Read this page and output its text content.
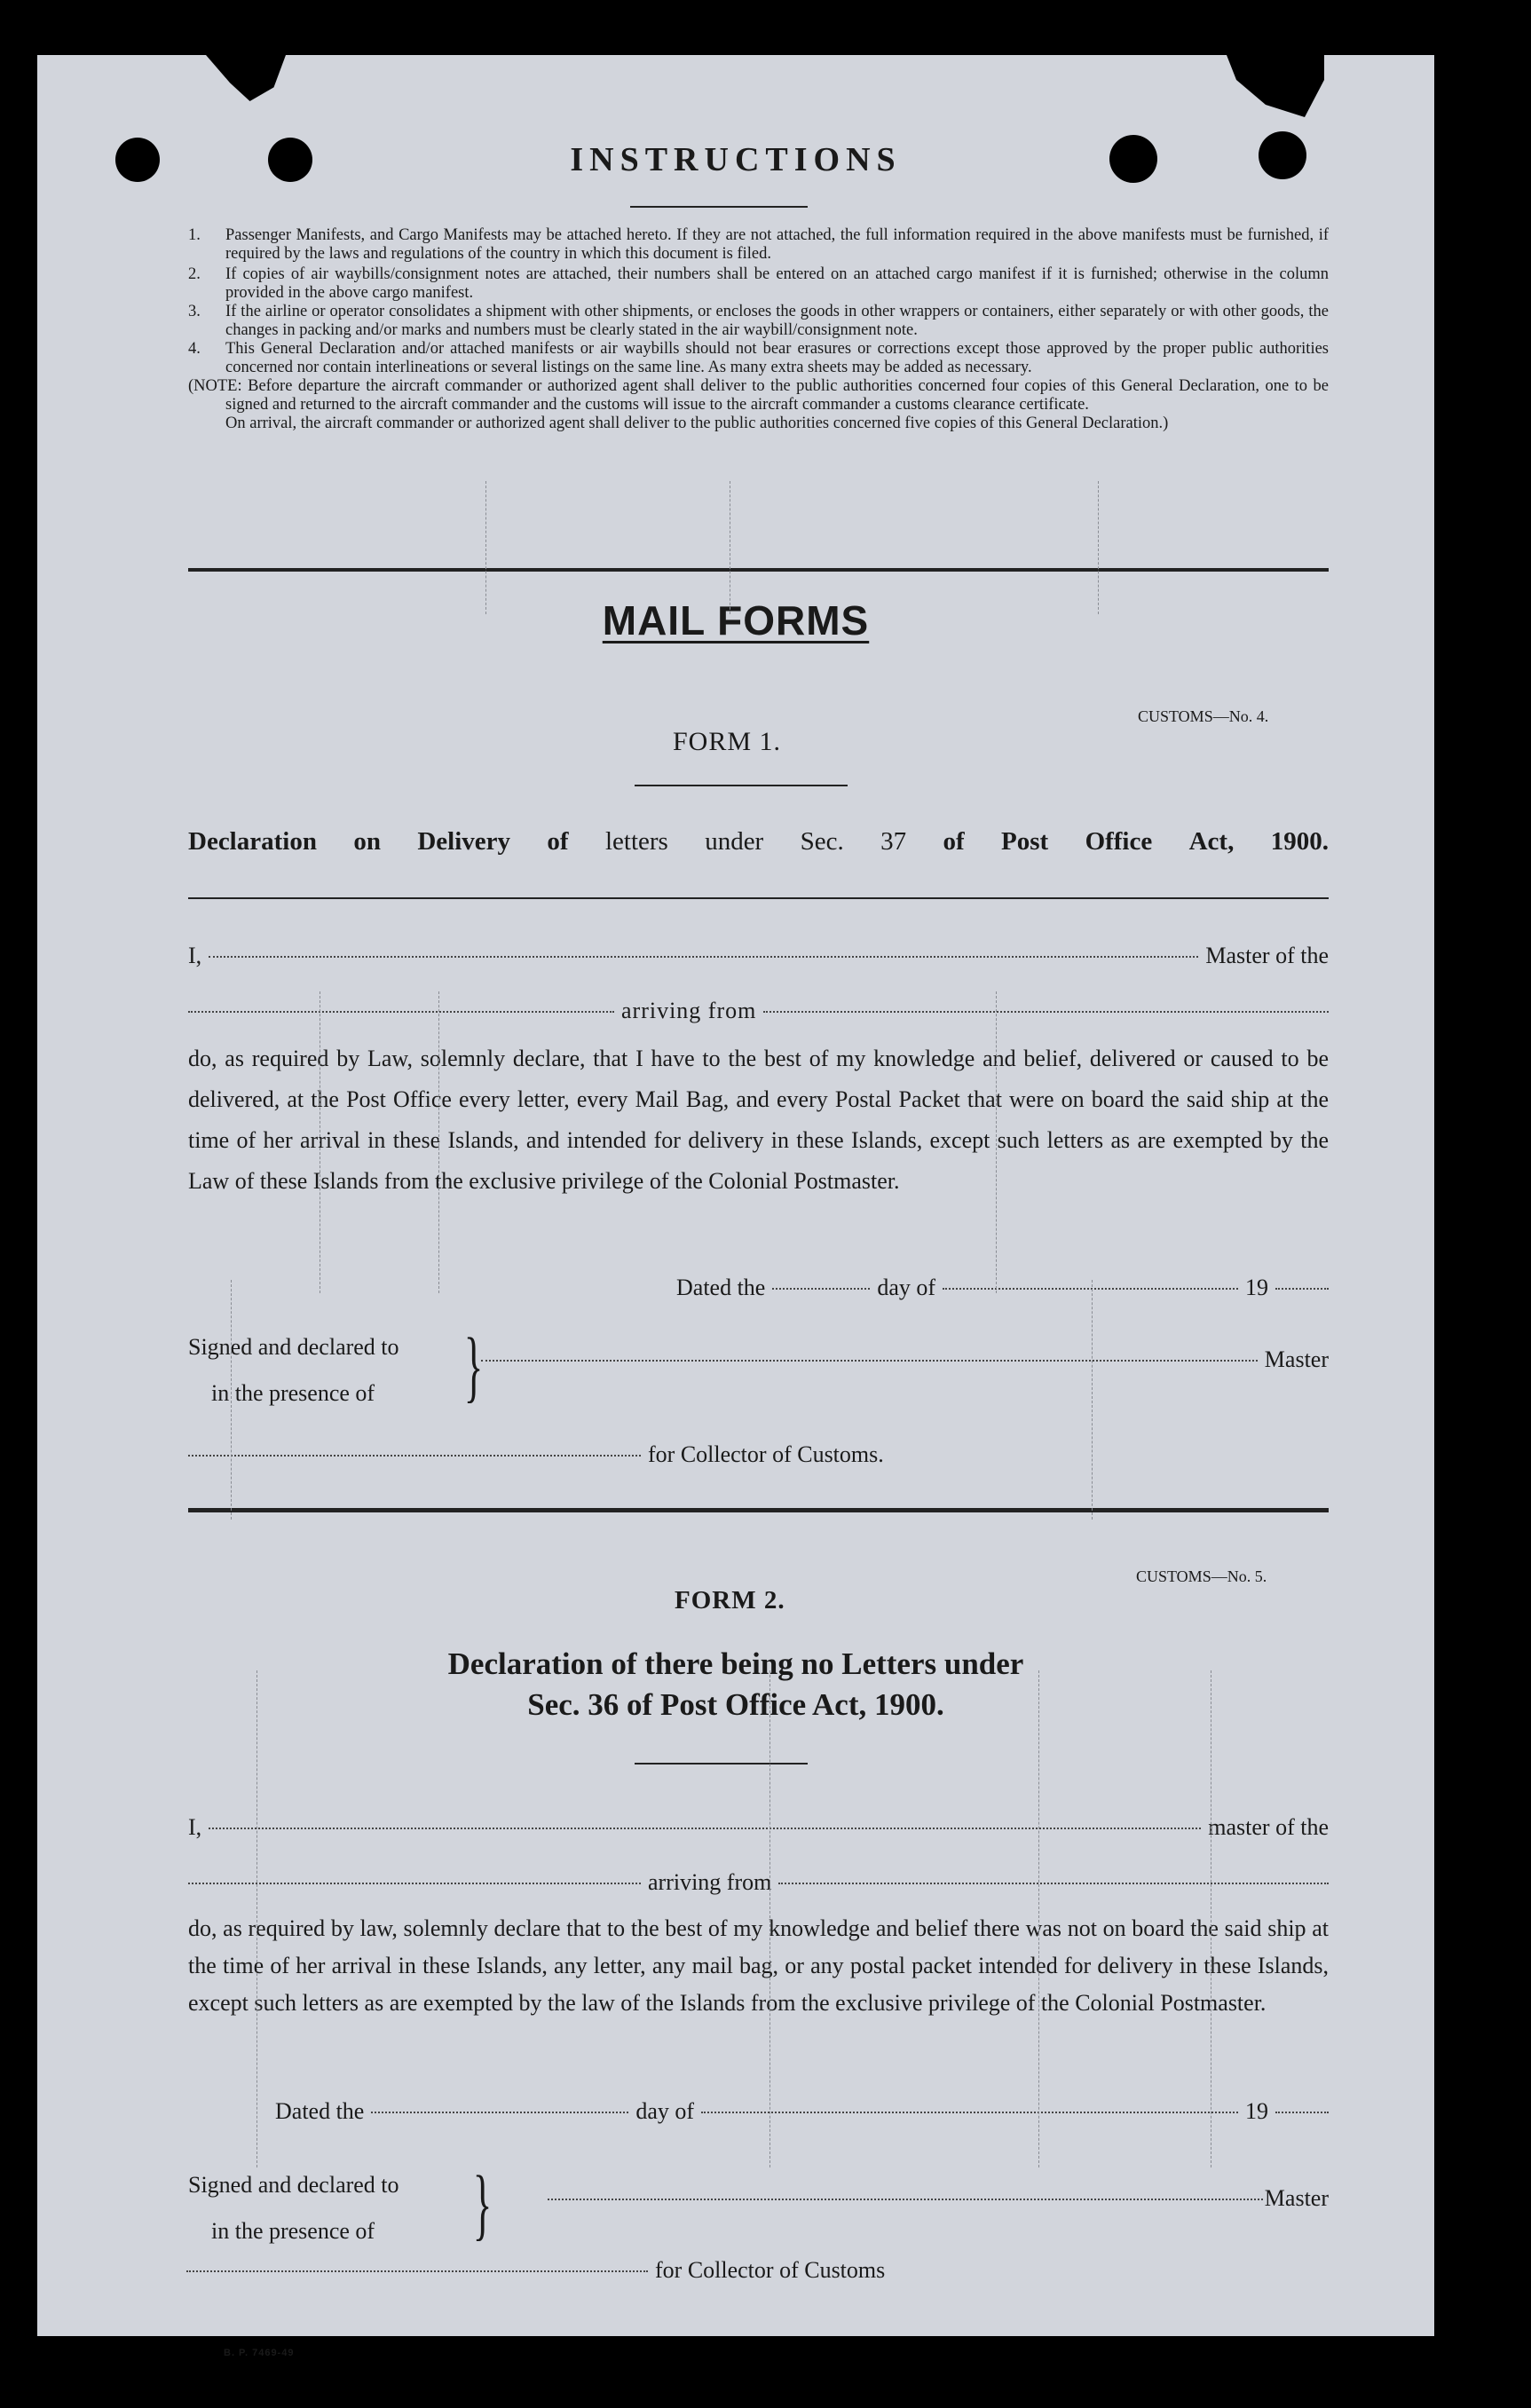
INSTRUCTIONS
1.	Passenger Manifests, and Cargo Manifests may be attached hereto. If they are not attached, the full information required in the above manifests must be furnished, if required by the laws and regulations of the country in which this document is filed.
2.	If copies of air waybills/consignment notes are attached, their numbers shall be entered on an attached cargo manifest if it is furnished; otherwise in the column provided in the above cargo manifest.
3.	If the airline or operator consolidates a shipment with other shipments, or encloses the goods in other wrappers or containers, either separately or with other goods, the changes in packing and/or marks and numbers must be clearly stated in the air waybill/consignment note.
4.	This General Declaration and/or attached manifests or air waybills should not bear erasures or corrections except those approved by the proper public authorities concerned nor contain interlineations or several listings on the same line. As many extra sheets may be added as necessary.
(NOTE: Before departure the aircraft commander or authorized agent shall deliver to the public authorities concerned four copies of this General Declaration, one to be signed and returned to the aircraft commander and the customs will issue to the aircraft commander a customs clearance certificate.
On arrival, the aircraft commander or authorized agent shall deliver to the public authorities concerned five copies of this General Declaration.)
MAIL FORMS
CUSTOMS—No. 4.
FORM 1.
Declaration on Delivery of letters under Sec. 37 of Post Office Act, 1900.
I,	Master of the
arriving from
do, as required by Law, solemnly declare, that I have to the best of my knowledge and belief, delivered or caused to be delivered, at the Post Office every letter, every Mail Bag, and every Postal Packet that were on board the said ship at the time of her arrival in these Islands, and intended for delivery in these Islands, except such letters as are exempted by the Law of these Islands from the exclusive privilege of the Colonial Postmaster.
Dated the	day of	19
Signed and declared to
in the presence of	}	Master
for Collector of Customs.
CUSTOMS—No. 5.
FORM 2.
Declaration of there being no Letters under
Sec. 36 of Post Office Act, 1900.
I,	master of the
arriving from
do, as required by law, solemnly declare that to the best of my knowledge and belief there was not on board the said ship at the time of her arrival in these Islands, any letter, any mail bag, or any postal packet intended for delivery in these Islands, except such letters as are exempted by the law of the Islands from the exclusive privilege of the Colonial Postmaster.
Dated the	day of	19
Signed and declared to
in the presence of	}	Master
for Collector of Customs
B. P. 7469-49
